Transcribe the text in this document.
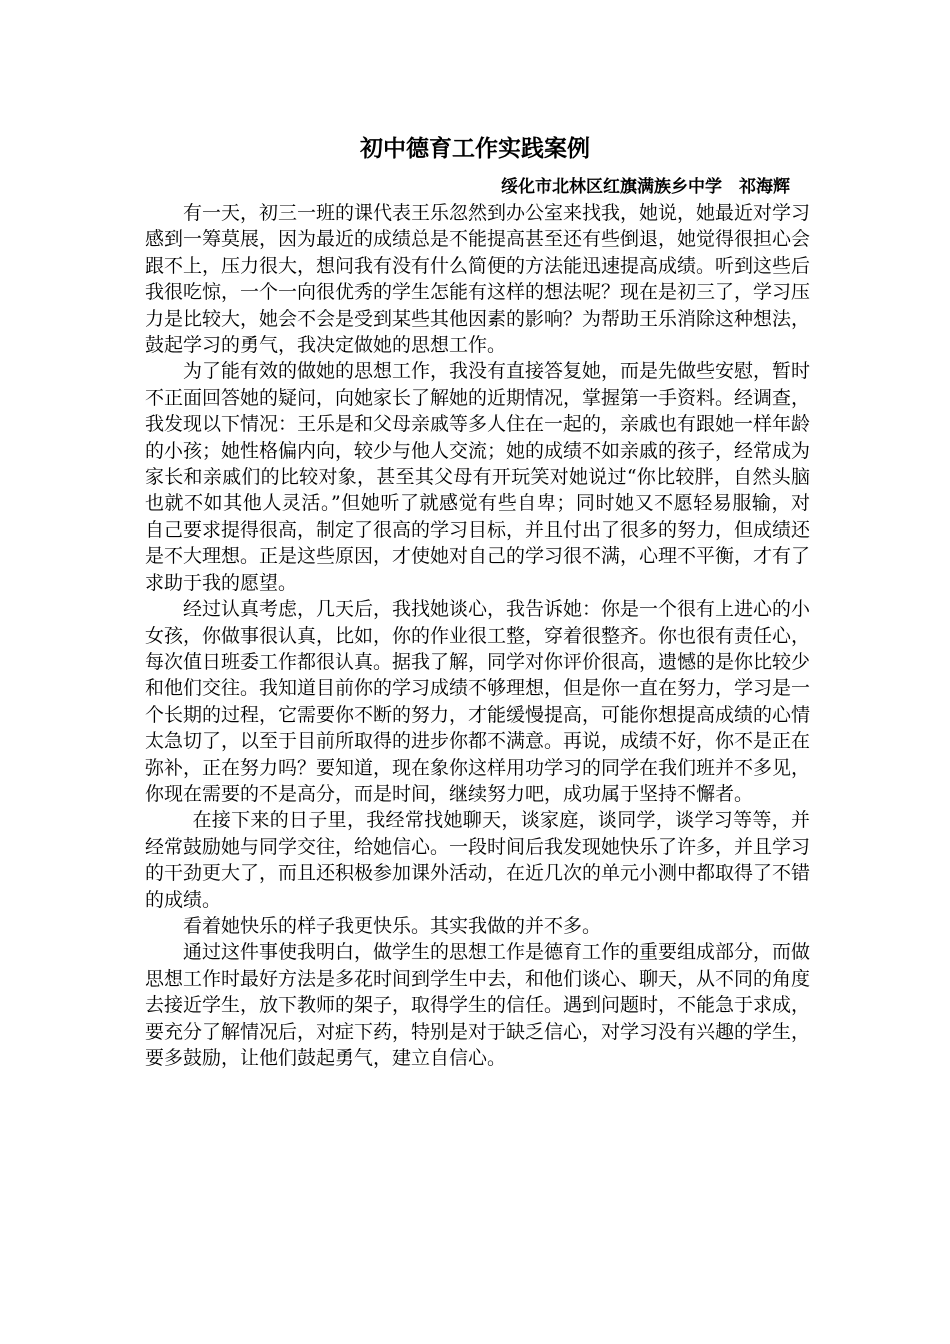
初中德育工作实践案例
绥化市北林区红旗满族乡中学　祁海辉

有一天，初三一班的课代表王乐忽然到办公室来找我，她说，她最近对学习感到一筹莫展，因为最近的成绩总是不能提高甚至还有些倒退，她觉得很担心会跟不上，压力很大，想问我有没有什么简便的方法能迅速提高成绩。听到这些后我很吃惊，一个一向很优秀的学生怎能有这样的想法呢？现在是初三了，学习压力是比较大，她会不会是受到某些其他因素的影响？为帮助王乐消除这种想法，鼓起学习的勇气，我决定做她的思想工作。

为了能有效的做她的思想工作，我没有直接答复她，而是先做些安慰，暂时不正面回答她的疑问，向她家长了解她的近期情况，掌握第一手资料。经调查，我发现以下情况：王乐是和父母亲戚等多人住在一起的，亲戚也有跟她一样年龄的小孩；她性格偏内向，较少与他人交流；她的成绩不如亲戚的孩子，经常成为家长和亲戚们的比较对象，甚至其父母有开玩笑对她说过“你比较胖，自然头脑也就不如其他人灵活。”但她听了就感觉有些自卑；同时她又不愿轻易服输，对自己要求提得很高，制定了很高的学习目标，并且付出了很多的努力，但成绩还是不大理想。正是这些原因，才使她对自己的学习很不满，心理不平衡，才有了求助于我的愿望。

经过认真考虑，几天后，我找她谈心，我告诉她：你是一个很有上进心的小女孩，你做事很认真，比如，你的作业很工整，穿着很整齐。你也很有责任心，每次值日班委工作都很认真。据我了解，同学对你评价很高，遗憾的是你比较少和他们交往。我知道目前你的学习成绩不够理想，但是你一直在努力，学习是一个长期的过程，它需要你不断的努力，才能缓慢提高，可能你想提高成绩的心情太急切了，以至于目前所取得的进步你都不满意。再说，成绩不好，你不是正在弥补，正在努力吗？要知道，现在象你这样用功学习的同学在我们班并不多见，你现在需要的不是高分，而是时间，继续努力吧，成功属于坚持不懈者。

在接下来的日子里，我经常找她聊天，谈家庭，谈同学，谈学习等等，并经常鼓励她与同学交往，给她信心。一段时间后我发现她快乐了许多，并且学习的干劲更大了，而且还积极参加课外活动，在近几次的单元小测中都取得了不错的成绩。

看着她快乐的样子我更快乐。其实我做的并不多。

通过这件事使我明白，做学生的思想工作是德育工作的重要组成部分，而做思想工作时最好方法是多花时间到学生中去，和他们谈心、聊天，从不同的角度去接近学生，放下教师的架子，取得学生的信任。遇到问题时，不能急于求成，要充分了解情况后，对症下药，特别是对于缺乏信心，对学习没有兴趣的学生，要多鼓励，让他们鼓起勇气，建立自信心。
